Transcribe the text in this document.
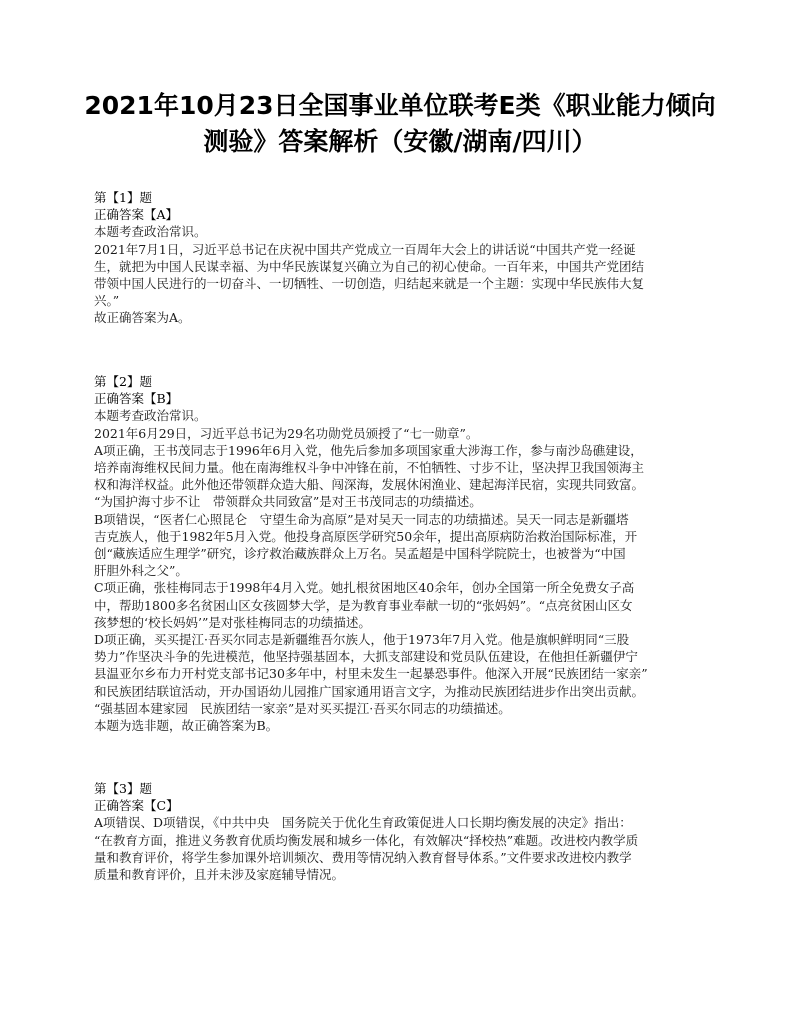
2021年10月23日全国事业单位联考E类《职业能力倾向
测验》答案解析（安徽/湖南/四川）
第【1】题
正确答案【A】
本题考查政治常识。
2021年7月1日，习近平总书记在庆祝中国共产党成立一百周年大会上的讲话说“中国共产党一经诞
生，就把为中国人民谋幸福、为中华民族谋复兴确立为自己的初心使命。一百年来，中国共产党团结
带领中国人民进行的一切奋斗、一切牺牲、一切创造，归结起来就是一个主题：实现中华民族伟大复
兴。”
故正确答案为A。
第【2】题
正确答案【B】
本题考查政治常识。
2021年6月29日，习近平总书记为29名功勋党员颁授了“七一勋章”。
A项正确，王书茂同志于1996年6月入党，他先后参加多项国家重大涉海工作，参与南沙岛礁建设，
培养南海维权民间力量。他在南海维权斗争中冲锋在前，不怕牺牲、寸步不让，坚决捍卫我国领海主
权和海洋权益。此外他还带领群众造大船、闯深海，发展休闲渔业、建起海洋民宿，实现共同致富。
“为国护海寸步不让　带领群众共同致富”是对王书茂同志的功绩描述。
B项错误，“医者仁心照昆仑　守望生命为高原”是对吴天一同志的功绩描述。吴天一同志是新疆塔
吉克族人，他于1982年5月入党。他投身高原医学研究50余年，提出高原病防治救治国际标准，开
创“藏族适应生理学”研究，诊疗救治藏族群众上万名。吴孟超是中国科学院院士，也被誉为“中国
肝胆外科之父”。
C项正确，张桂梅同志于1998年4月入党。她扎根贫困地区40余年，创办全国第一所全免费女子高
中，帮助1800多名贫困山区女孩圆梦大学，是为教育事业奉献一切的“张妈妈”。“点亮贫困山区女
孩梦想的‘校长妈妈’”是对张桂梅同志的功绩描述。
D项正确，买买提江·吾买尔同志是新疆维吾尔族人，他于1973年7月入党。他是旗帜鲜明同“三股
势力”作坚决斗争的先进模范，他坚持强基固本，大抓支部建设和党员队伍建设，在他担任新疆伊宁
县温亚尔乡布力开村党支部书记30多年中，村里未发生一起暴恐事件。他深入开展“民族团结一家亲”
和民族团结联谊活动，开办国语幼儿园推广国家通用语言文字，为推动民族团结进步作出突出贡献。
“强基固本建家园　民族团结一家亲”是对买买提江·吾买尔同志的功绩描述。
本题为选非题，故正确答案为B。
第【3】题
正确答案【C】
A项错误、D项错误，《中共中央　国务院关于优化生育政策促进人口长期均衡发展的决定》指出：
“在教育方面，推进义务教育优质均衡发展和城乡一体化，有效解决“择校热”难题。改进校内教学质
量和教育评价，将学生参加课外培训频次、费用等情况纳入教育督导体系。”文件要求改进校内教学
质量和教育评价，且并未涉及家庭辅导情况。
